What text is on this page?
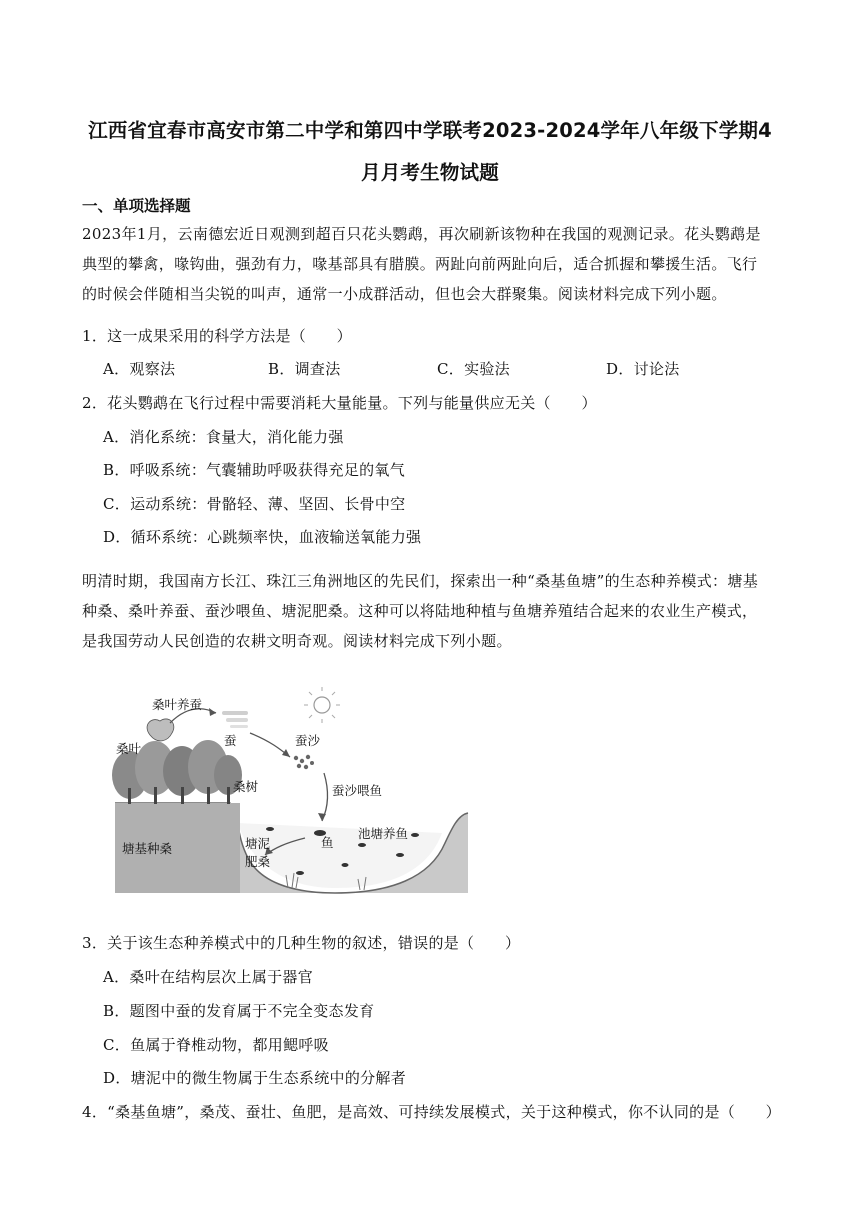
江西省宜春市高安市第二中学和第四中学联考2023-2024学年八年级下学期4
月月考生物试题
一、单项选择题
2023年1月，云南德宏近日观测到超百只花头鹦鹉，再次刷新该物种在我国的观测记录。花头鹦鹉是
典型的攀禽，喙钩曲，强劲有力，喙基部具有腊膜。两趾向前两趾向后，适合抓握和攀援生活。飞行
的时候会伴随相当尖锐的叫声，通常一小成群活动，但也会大群聚集。阅读材料完成下列小题。
1．这一成果采用的科学方法是（　　）
A．观察法	B．调查法	C．实验法	D．讨论法
2．花头鹦鹉在飞行过程中需要消耗大量能量。下列与能量供应无关（　　）
A．消化系统：食量大，消化能力强
B．呼吸系统：气囊辅助呼吸获得充足的氧气
C．运动系统：骨骼轻、薄、坚固、长骨中空
D．循环系统：心跳频率快，血液输送氧能力强
明清时期，我国南方长江、珠江三角洲地区的先民们，探索出一种“桑基鱼塘”的生态种养模式：塘基
种桑、桑叶养蚕、蚕沙喂鱼、塘泥肥桑。这种可以将陆地种植与鱼塘养殖结合起来的农业生产模式，
是我国劳动人民创造的农耕文明奇观。阅读材料完成下列小题。
桑叶养蚕
桑叶
蚕	蚕沙
桑树	蚕沙喂鱼
池塘养鱼
鱼
塘泥
肥桑
塘基种桑
3．关于该生态种养模式中的几种生物的叙述，错误的是（　　）
A．桑叶在结构层次上属于器官
B．题图中蚕的发育属于不完全变态发育
C．鱼属于脊椎动物，都用鳃呼吸
D．塘泥中的微生物属于生态系统中的分解者
4．“桑基鱼塘”，桑茂、蚕壮、鱼肥，是高效、可持续发展模式，关于这种模式，你不认同的是（　　）
